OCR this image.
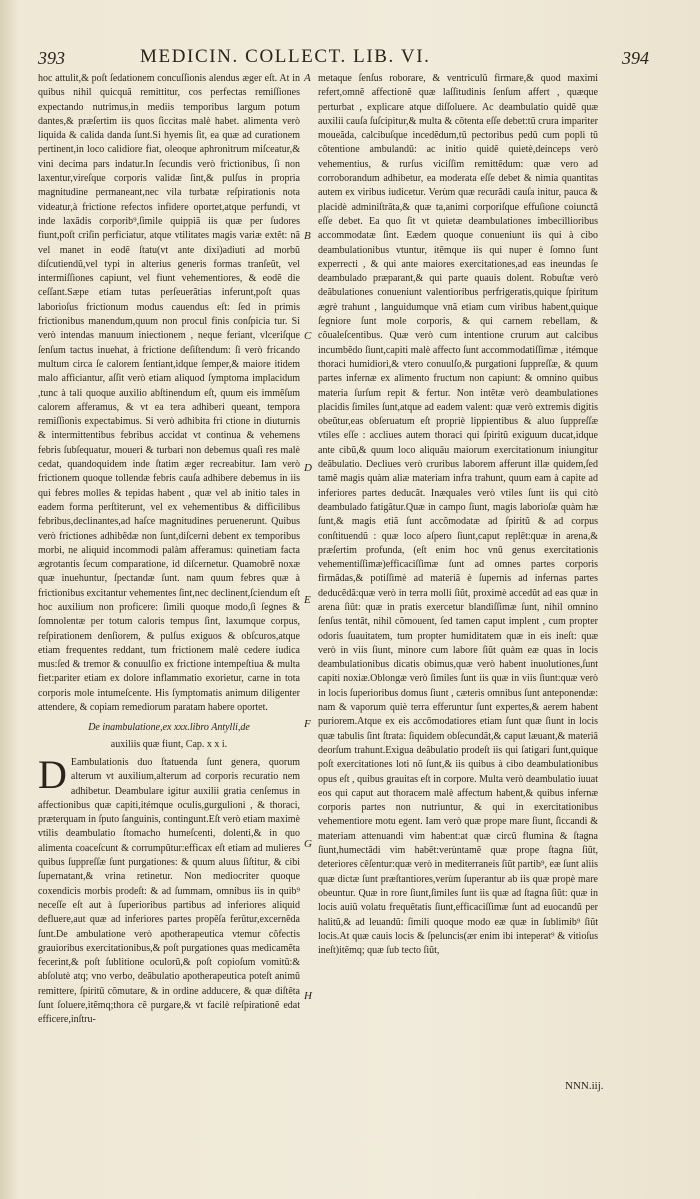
393	MEDICIN. COLLECT. LIB. VI.	394

hoc attulit,& poſt ſedationem concuſſionis alendus æger eſt. At in quibus nihil quicquã remittitur, cos perfectas remiſſiones expectando nutrimus,in mediis temporibus largum potum dantes,& præſertim iis quos ſiccitas malè habet. alimenta verò liquida & calida danda ſunt.Si hyemis ſit, ea quæ ad curationem pertinent,in loco calidiore fiat, oleoque aphronitrum miſceatur,& vini decima pars indatur.In ſecundis verò frictionibus, ſi non laxentur,vireſque corporis validæ ſint,& pulſus in propria magnitudine permaneant,nec vila turbatæ reſpirationis nota videatur,à frictione refectos infidere oportet,atque perfundi, vt inde laxãdis corporib⁹,ſimile quippiã iis quæ per ſudores fiunt,poſt criſin perficiatur, atque vtilitates magis variæ extẽt: nã vel manet in eodẽ ſtatu(vt ante dixi)adiuti ad morbũ diſcutiendũ,vel typi in alterius generis formas tranſeũt, vel intermiſſiones capiunt, vel fiunt vehementiores, & eodẽ die ceſſant.Sæpe etiam tutas perſeuerãtias inferunt,poſt quas laborioſus frictionum modus cauendus eſt: ſed in primis frictionibus manendum,quum non procul finis conſpicia tur. Si verò intendas manuum iniectionem , neque feriant, vlceriſque ſenſum tactus inuehat, à frictione deſiſtendum: ſi verò fricando multum circa ſe calorem ſentiant,idque ſemper,& maiore itidem malo afficiantur, aſſit verò etiam aliquod ſymptoma implacidum ,tunc à tali quoque auxilio abſtinendum eſt, quum eis immẽſum calorem afferamus, & vt ea tera adhiberi queant, tempora remiſſionis expectabimus. Si verò adhibita fri ctione in diuturnis & intermittentibus febribus accidat vt continua & vehemens febris ſubſequatur, moueri & turbari non debemus quaſi res malè cedat, quandoquidem inde ſtatim æger recreabitur. Iam verò frictionem quoque tollendæ febris cauſa adhibere debemus in iis qui febres molles & tepidas habent , quæ vel ab initio tales in eadem forma perſtiterunt, vel ex vehementibus & difficilibus febribus,declinantes,ad haſce magnitudines peruenerunt. Quibus verò frictiones adhibẽdæ non ſunt,diſcerni debent ex temporibus morbi, ne aliquid incommodi palàm afferamus: quinetiam facta ægrotantis ſecum comparatione, id diſcernetur. Quamobrẽ noxæ quæ inuehuntur, ſpectandæ ſunt. nam quum febres quæ à frictionibus excitantur vehementes ſint,nec declinent,ſciendum eſt hoc auxilium non proficere: ſimili quoque modo,ſi ſegnes & ſomnolentæ per totum caloris tempus ſint, laxumque corpus, reſpirationem denſiorem, & pulſus exiguos & obſcuros,atque etiam frequentes reddant, tum frictionem malè cedere iudica mus:ſed & tremor & conuulſio ex frictione intempeſtiua & multa fiet:pariter etiam ex dolore inflammatio exorietur, carne in tota corporis mole intumeſcente. His ſymptomatis animum diligenter attendere, & copiam remediorum paratam habere oportet.

De inambulatione,ex xxx.libro Antylli,de
auxiliis quæ fiunt, Cap. x x i.

D Eambulationis duo ſtatuenda ſunt genera, quorum alterum vt auxilium,alterum ad corporis recuratio nem adhibetur. Deambulare igitur auxilii gratia cenſemus in affectionibus quæ capiti,itémque oculis,gurgulioni , & thoraci, præterquam in ſputo ſanguinis, contingunt.Eſt verò etiam maximè vtilis deambulatio ſtomacho humeſcenti, dolenti,& in quo alimenta coaceſcunt & corrumpũtur:efficax eſt etiam ad mulieres quibus ſuppreſſæ ſunt purgationes: & quum aluus ſiſtitur, & cibi ſupernatant,& vrina retinetur. Non mediocriter quoque coxendicis morbis prodeſt: & ad ſummam, omnibus iis in quib⁹ neceſſe eſt aut à ſuperioribus partibus ad inferiores aliquid defluere,aut quæ ad inferiores partes propẽſa ferũtur,excernẽda ſunt.De ambulatione verò apotherapeutica vtemur cõfectis grauioribus exercitationibus,& poſt purgationes quas medicamẽta fecerint,& poſt ſublitione oculorũ,& poſt copioſum vomitũ:& abſolutè atq; vno verbo, deãbulatio apotherapeutica poteſt animũ remittere, ſpiritũ cõmutare, & in ordine adducere, & quæ diſtẽta ſunt ſoluere,itẽmq;thora cẽ purgare,& vt facilè reſpirationẽ edat efficere,inſtru-

metaque ſenſus roborare, & ventriculũ firmare,& quod maximi refert,omnẽ affectionẽ quæ laſſitudinis ſenſum affert , quæque perturbat , explicare atque diſſoluere. Ac deambulatio quidẽ quæ auxilii cauſa ſuſcipitur,& multa & cõtenta eſſe debet:tũ crura impariter moueãda, calcibuſque incedẽdum,tũ pectoribus pedũ cum popli tũ cõtentione ambulandũ: ac initio quidẽ quietè,deinceps verò vehementius, & rurſus viciſſim remittẽdum: quæ vero ad corroborandum adhibetur, ea moderata eſſe debet & nimia quantitas autem ex viribus iudicetur. Verùm quæ recurãdi cauſa initur, pauca & placidè adminiſtrãta,& quæ ta,animi corporiſque effuſione coiunctã eſſe debet. Ea quo ſit vt quietæ deambulationes imbecillioribus accommodatæ ſint. Eædem quoque conueniunt iis qui à cibo deambulationibus vtuntur, itẽmque iis qui nuper è ſomno ſunt experrecti , & qui ante maiores exercitationes,ad eas ineundas ſe deambulado præparant,& qui parte quauis dolent. Robuſtæ verò deãbulationes conueniunt valentioribus perfrigeratis,quique ſpiritum ægrè trahunt , languidumque vnã etiam cum viribus habent,quique ſegniore ſunt mole corporis, & qui carnem rebellam, & cõualeſcentibus. Quæ verò cum intentione crurum aut calcibus incumbẽdo ſiunt,capiti malè affecto ſunt accommodatiſſimæ , itémque thoraci humidiori,& vtero conuulſo,& purgationi ſuppreſſæ, & quum partes infernæ ex alimento fructum non capiunt: & omnino quibus materia ſurſum repit & fertur. Non intẽtæ verò deambulationes placidis ſimiles ſunt,atque ad eadem valent: quæ verò extremis digitis obeũtur,eas obſeruatum eſt propriè lippientibus & aluo ſuppreſſæ vtiles eſſe : accliues autem thoraci qui ſpiritũ exiguum ducat,idque ante cibũ,& quum loco aliquãu maiorum exercitationum iniungitur deãbulatio. Decliues verò cruribus laborem afferunt illæ quidem,ſed tamẽ magis quàm aliæ materiam infra trahunt, quum eam à capite ad inferiores partes deducãt. Inæquales verò vtiles ſunt iis qui citò deambulado fatigãtur.Quæ in campo ſiunt, magis laborioſæ quàm hæ ſunt,& magis etiã ſunt accõmodatæ ad ſpiritũ & ad corpus conſtituendũ : quæ loco aſpero ſiunt,caput replẽt:quæ in arena,& præſertim profunda, (eſt enim hoc vnũ genus exercitationis vehementiſſimæ)efficaciſſimæ ſunt ad omnes partes corporis firmãdas,& potiſſimè ad materiã è ſupernis ad infernas partes deducẽdã:quæ verò in terra molli ſiũt, proximè accedũt ad eas quæ in arena ſiũt: quæ in pratis exercetur blandiſſimæ ſunt, nihil omnino ſenſus tentãt, nihil cõmouent, ſed tamen caput implent , cum propter odoris ſuauitatem, tum propter humiditatem quæ in eis ineſt: quæ verò in viis ſiunt, minore cum labore ſiũt quàm eæ quas in locis deambulationibus dicatis obimus,quæ verò habent inuolutiones,ſunt capiti noxiæ.Oblongæ verò ſimiles ſunt iis quæ in viis ſiunt:quæ verò in locis ſuperioribus domus ſiunt , cæteris omnibus ſunt anteponendæ: nam & vaporum quiè terra efferuntur ſunt expertes,& aerem habent puriorem.Atque ex eis accõmodatiores etiam ſunt quæ ſiunt in locis quæ tabulis ſint ſtrata: ſiquidem obſecundãt,& caput læuant,& materiã deorſum trahunt.Exigua deãbulatio prodeſt iis qui ſatigari ſunt,quique poſt exercitationes loti nõ ſunt,& iis quibus à cibo deambulationibus opus eſt , quibus grauitas eſt in corpore. Multa verò deambulatio iuuat eos qui caput aut thoracem malè affectum habent,& quibus infernæ corporis partes non nutriuntur, & qui in exercitationibus vehementiore motu egent. Iam verò quæ prope mare ſiunt, ſiccandi & materiam attenuandi vim habent:at quæ circũ flumina & ſtagna ſiunt,humectãdi vim habẽt:verùntamẽ quæ prope ſtagna ſiũt, deteriores cẽſentur:quæ verò in mediterraneis ſiũt partib⁹, eæ ſunt aliis quæ dictæ ſunt præſtantiores,verùm ſuperantur ab iis quæ propè mare obeuntur. Quæ in rore ſiunt,ſimiles ſunt iis quæ ad ſtagna ſiũt: quæ in locis auiũ volatu frequẽtatis ſiunt,efficaciſſimæ ſunt ad euocandũ per halitũ,& ad leuandũ: ſimili quoque modo eæ quæ in ſublimib⁹ ſiũt locis.At quæ cauis locis & ſpeluncis(ær enim ibi inteperat⁹ & vitioſus ineſt)itẽmq; quæ ſub tecto ſiũt,

A
B
C
D
E
F
G
H
NNN.iij.
